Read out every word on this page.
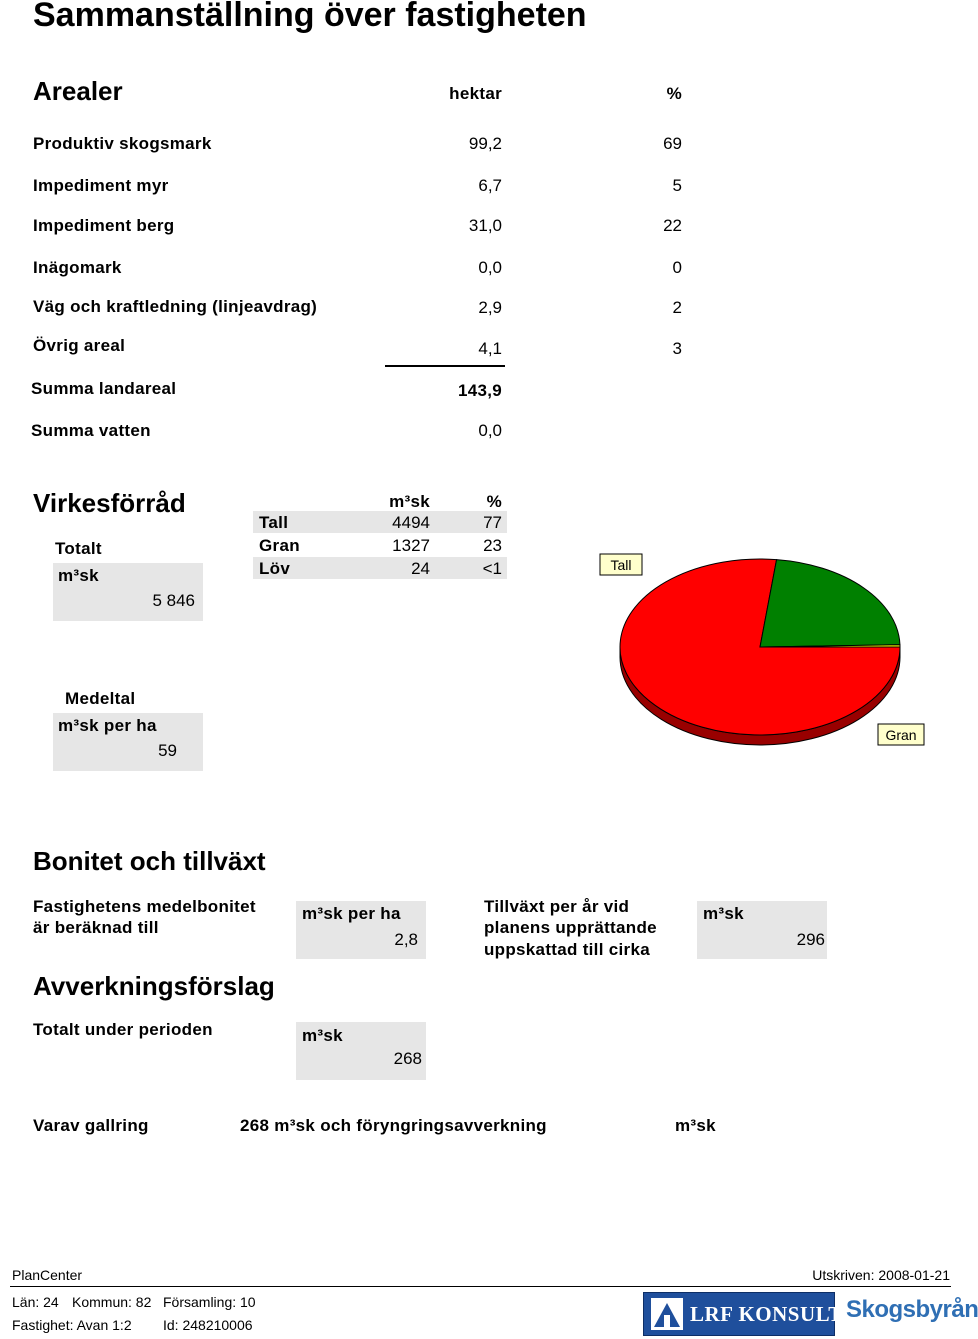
Sammanställning över fastigheten
Arealer	hektar	%
Produktiv skogsmark	99,2	69
Impediment myr	6,7	5
Impediment berg	31,0	22
Inägomark	0,0	0
Väg och kraftledning (linjeavdrag)	2,9	2
Övrig areal	4,1	3
Summa landareal	143,9
Summa vatten	0,0
Virkesförråd
Totalt
m³sk
5 846
m³sk	%
Tall	4494	77
Gran	1327	23
Löv	24	<1
Medeltal
m³sk per ha
59
Tall
Gran
Bonitet och tillväxt
Fastighetens medelbonitet
är beräknad till
m³sk per ha
2,8
Tillväxt per år vid
planens upprättande
uppskattad till cirka
m³sk
296
Avverkningsförslag
Totalt under perioden	m³sk
268
Varav gallring	268 m³sk och föryngringsavverkning	m³sk
PlanCenter	Utskriven: 2008-01-21
Län: 24 Kommun: 82 Församling: 10
Fastighet: Avan 1:2 Id: 248210006	LRF KONSULT Skogsbyrån
